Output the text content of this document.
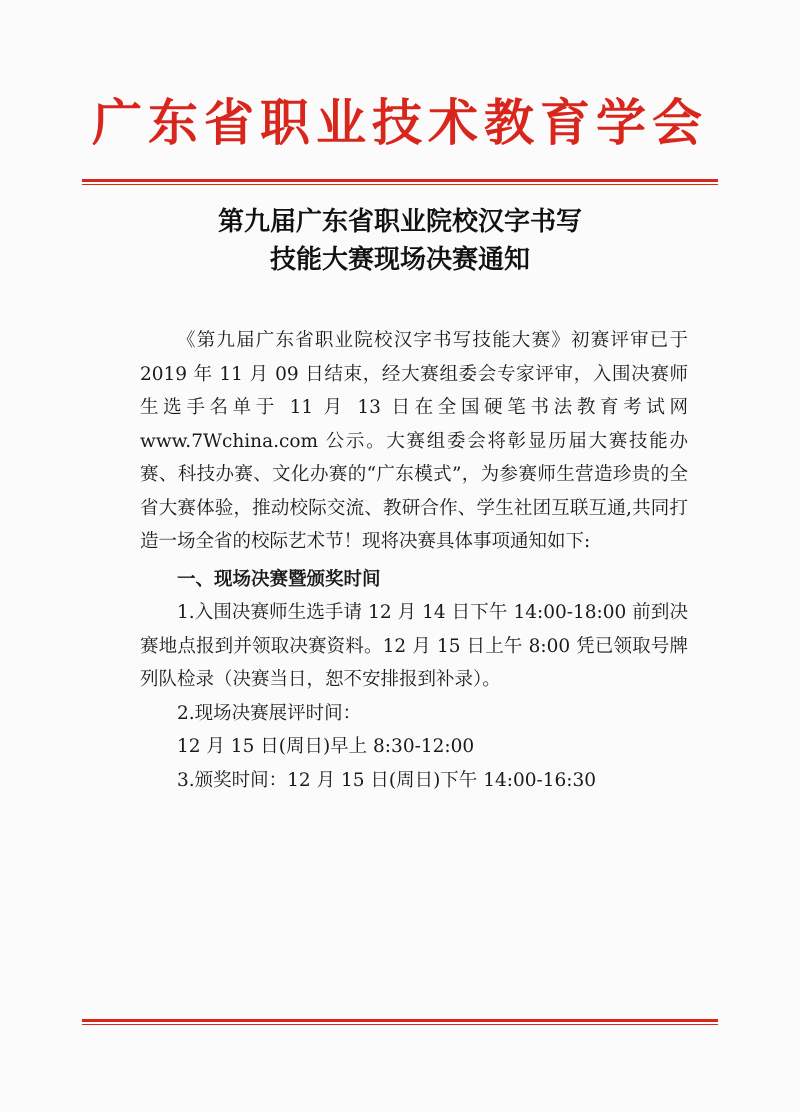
广东省职业技术教育学会
第九届广东省职业院校汉字书写
技能大赛现场决赛通知

《第九届广东省职业院校汉字书写技能大赛》初赛评审已于 2019 年 11 月 09 日结束，经大赛组委会专家评审，入围决赛师生选手名单于 11 月 13 日在全国硬笔书法教育考试网 www.7Wchina.com 公示。大赛组委会将彰显历届大赛技能办赛、科技办赛、文化办赛的“广东模式”，为参赛师生营造珍贵的全省大赛体验，推动校际交流、教研合作、学生社团互联互通,共同打造一场全省的校际艺术节！现将决赛具体事项通知如下:

一、现场决赛暨颁奖时间

1.入围决赛师生选手请 12 月 14 日下午 14:00-18:00 前到决赛地点报到并领取决赛资料。12 月 15 日上午 8:00 凭已领取号牌列队检录（决赛当日，恕不安排报到补录）。

2.现场决赛展评时间：

12 月 15 日(周日)早上 8:30-12:00

3.颁奖时间：12 月 15 日(周日)下午 14:00-16:30
